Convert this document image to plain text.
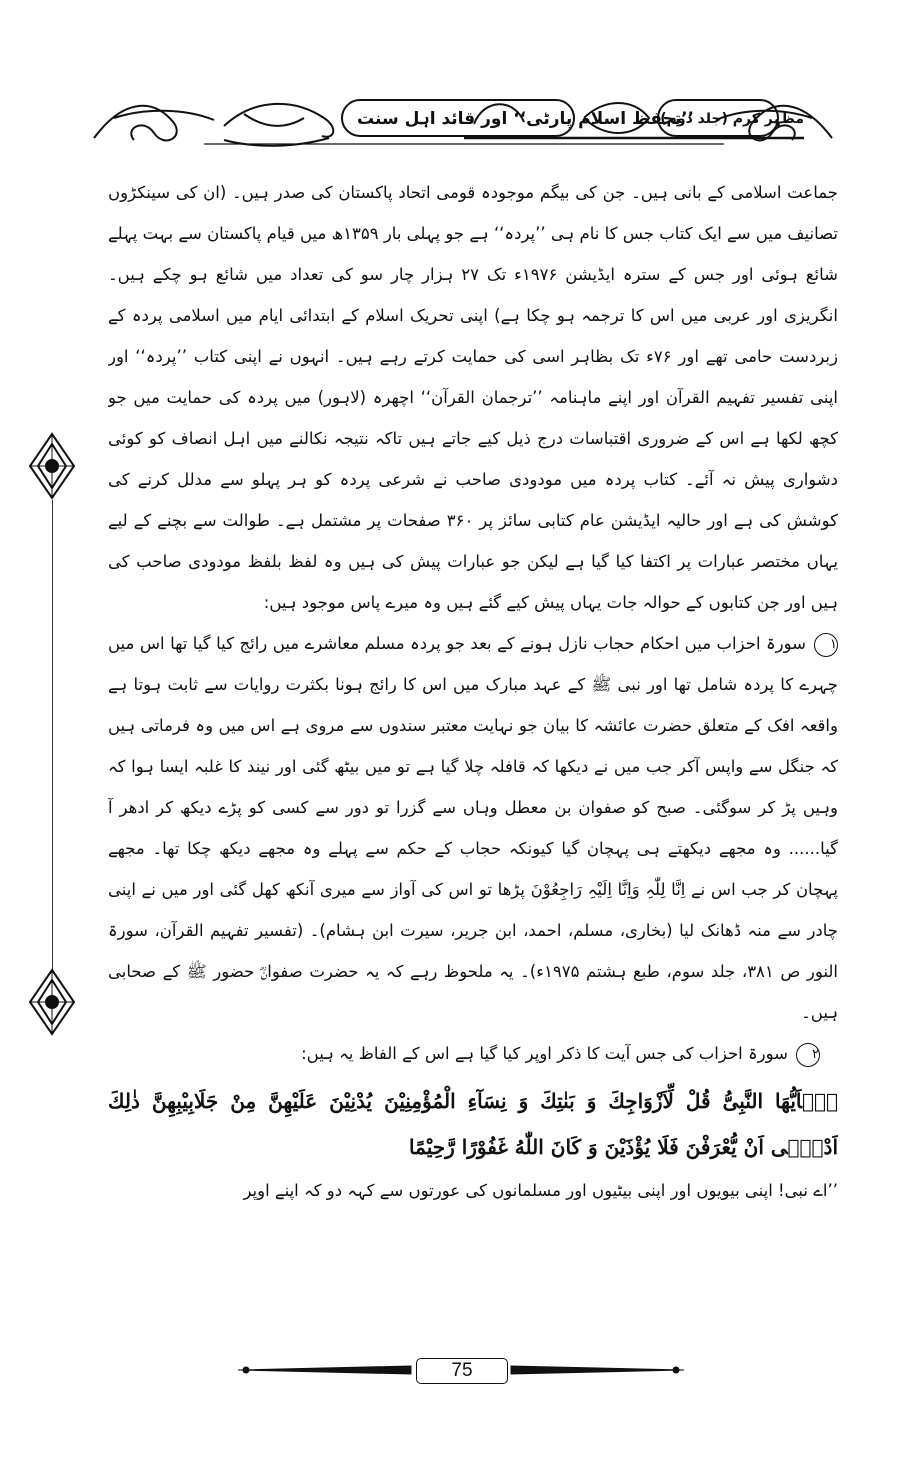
’’تحفظ اسلام پارٹی‘‘ اور قائد اہل سنت
مظہر کرم (جلد دوم)

جماعت اسلامی کے بانی ہیں۔ جن کی بیگم موجودہ قومی اتحاد پاکستان کی صدر ہیں۔ (ان کی سینکڑوں تصانیف میں سے ایک کتاب جس کا نام ہی ’’پردہ‘‘ ہے جو پہلی بار ۱۳۵۹ھ میں قیام پاکستان سے بہت پہلے شائع ہوئی اور جس کے سترہ ایڈیشن ۱۹۷۶ء تک ۲۷ ہزار چار سو کی تعداد میں شائع ہو چکے ہیں۔ انگریزی اور عربی میں اس کا ترجمہ ہو چکا ہے) اپنی تحریک اسلام کے ابتدائی ایام میں اسلامی پردہ کے زبردست حامی تھے اور ۷۶ء تک بظاہر اسی کی حمایت کرتے رہے ہیں۔ انہوں نے اپنی کتاب ’’پردہ‘‘ اور اپنی تفسیر تفہیم القرآن اور اپنے ماہنامہ ’’ترجمان القرآن‘‘ اچھرہ (لاہور) میں پردہ کی حمایت میں جو کچھ لکھا ہے اس کے ضروری اقتباسات درج ذیل کیے جاتے ہیں تاکہ نتیجہ نکالنے میں اہل انصاف کو کوئی دشواری پیش نہ آئے۔ کتاب پردہ میں مودودی صاحب نے شرعی پردہ کو ہر پہلو سے مدلل کرنے کی کوشش کی ہے اور حالیہ ایڈیشن عام کتابی سائز پر ۳۶۰ صفحات پر مشتمل ہے۔ طوالت سے بچنے کے لیے یہاں مختصر عبارات پر اکتفا کیا گیا ہے لیکن جو عبارات پیش کی ہیں وہ لفظ بلفظ مودودی صاحب کی ہیں اور جن کتابوں کے حوالہ جات یہاں پیش کیے گئے ہیں وہ میرے پاس موجود ہیں:

۱سورۃ احزاب میں احکام حجاب نازل ہونے کے بعد جو پردہ مسلم معاشرے میں رائج کیا گیا تھا اس میں چہرے کا پردہ شامل تھا اور نبی ﷺ کے عہد مبارک میں اس کا رائج ہونا بکثرت روایات سے ثابت ہوتا ہے واقعہ افک کے متعلق حضرت عائشہ کا بیان جو نہایت معتبر سندوں سے مروی ہے اس میں وہ فرماتی ہیں کہ جنگل سے واپس آکر جب میں نے دیکھا کہ قافلہ چلا گیا ہے تو میں بیٹھ گئی اور نیند کا غلبہ ایسا ہوا کہ وہیں پڑ کر سوگئی۔ صبح کو صفوان بن معطل وہاں سے گزرا تو دور سے کسی کو پڑے دیکھ کر ادھر آ گیا...... وہ مجھے دیکھتے ہی پہچان گیا کیونکہ حجاب کے حکم سے پہلے وہ مجھے دیکھ چکا تھا۔ مجھے پہچان کر جب اس نے اِنَّا لِلّٰہِ وَاِنَّا اِلَیْہِ رَاجِعُوْنَ پڑھا تو اس کی آواز سے میری آنکھ کھل گئی اور میں نے اپنی چادر سے منہ ڈھانک لیا (بخاری، مسلم، احمد، ابن جریر، سیرت ابن ہشام)۔ (تفسیر تفہیم القرآن، سورۃ النور ص ۳۸۱، جلد سوم، طبع ہشتم ۱۹۷۵ء)۔ یہ ملحوظ رہے کہ یہ حضرت صفوانؓ حضور ﷺ کے صحابی ہیں۔

۲سورۃ احزاب کی جس آیت کا ذکر اوپر کیا گیا ہے اس کے الفاظ یہ ہیں:

یٰۤاَیُّهَا النَّبِیُّ قُلْ لِّاَزْوَاجِكَ وَ بَنٰتِكَ وَ نِسَآءِ الْمُؤْمِنِیْنَ یُدْنِیْنَ عَلَیْهِنَّ مِنْ جَلَابِیْبِهِنَّ ذٰلِكَ اَدْنٰۤى اَنْ یُّعْرَفْنَ فَلَا یُؤْذَیْنَ وَ كَانَ اللّٰهُ غَفُوْرًا رَّحِیْمًا

’’اے نبی! اپنی بیویوں اور اپنی بیٹیوں اور مسلمانوں کی عورتوں سے کہہ دو کہ اپنے اوپر

75
